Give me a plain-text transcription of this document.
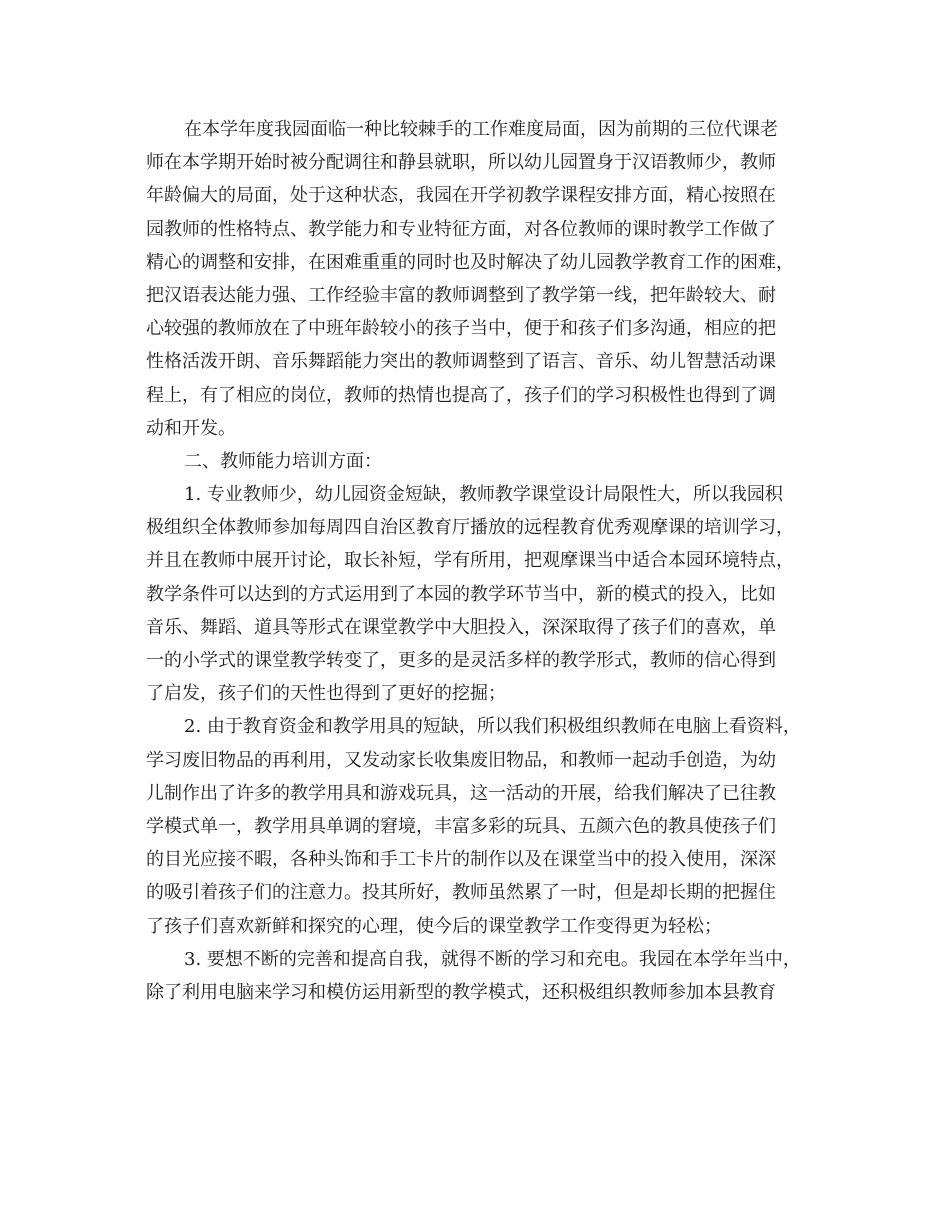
在本学年度我园面临一种比较棘手的工作难度局面，因为前期的三位代课老
师在本学期开始时被分配调往和静县就职，所以幼儿园置身于汉语教师少，教师
年龄偏大的局面，处于这种状态，我园在开学初教学课程安排方面，精心按照在
园教师的性格特点、教学能力和专业特征方面，对各位教师的课时教学工作做了
精心的调整和安排，在困难重重的同时也及时解决了幼儿园教学教育工作的困难，
把汉语表达能力强、工作经验丰富的教师调整到了教学第一线，把年龄较大、耐
心较强的教师放在了中班年龄较小的孩子当中，便于和孩子们多沟通，相应的把
性格活泼开朗、音乐舞蹈能力突出的教师调整到了语言、音乐、幼儿智慧活动课
程上，有了相应的岗位，教师的热情也提高了，孩子们的学习积极性也得到了调
动和开发。
二、教师能力培训方面：
1. 专业教师少，幼儿园资金短缺，教师教学课堂设计局限性大，所以我园积
极组织全体教师参加每周四自治区教育厅播放的远程教育优秀观摩课的培训学习，
并且在教师中展开讨论，取长补短，学有所用，把观摩课当中适合本园环境特点，
教学条件可以达到的方式运用到了本园的教学环节当中，新的模式的投入，比如
音乐、舞蹈、道具等形式在课堂教学中大胆投入，深深取得了孩子们的喜欢，单
一的小学式的课堂教学转变了，更多的是灵活多样的教学形式，教师的信心得到
了启发，孩子们的天性也得到了更好的挖掘；
2. 由于教育资金和教学用具的短缺，所以我们积极组织教师在电脑上看资料，
学习废旧物品的再利用，又发动家长收集废旧物品，和教师一起动手创造，为幼
儿制作出了许多的教学用具和游戏玩具，这一活动的开展，给我们解决了已往教
学模式单一，教学用具单调的窘境，丰富多彩的玩具、五颜六色的教具使孩子们
的目光应接不暇，各种头饰和手工卡片的制作以及在课堂当中的投入使用，深深
的吸引着孩子们的注意力。投其所好，教师虽然累了一时，但是却长期的把握住
了孩子们喜欢新鲜和探究的心理，使今后的课堂教学工作变得更为轻松；
3. 要想不断的完善和提高自我，就得不断的学习和充电。我园在本学年当中，
除了利用电脑来学习和模仿运用新型的教学模式，还积极组织教师参加本县教育
